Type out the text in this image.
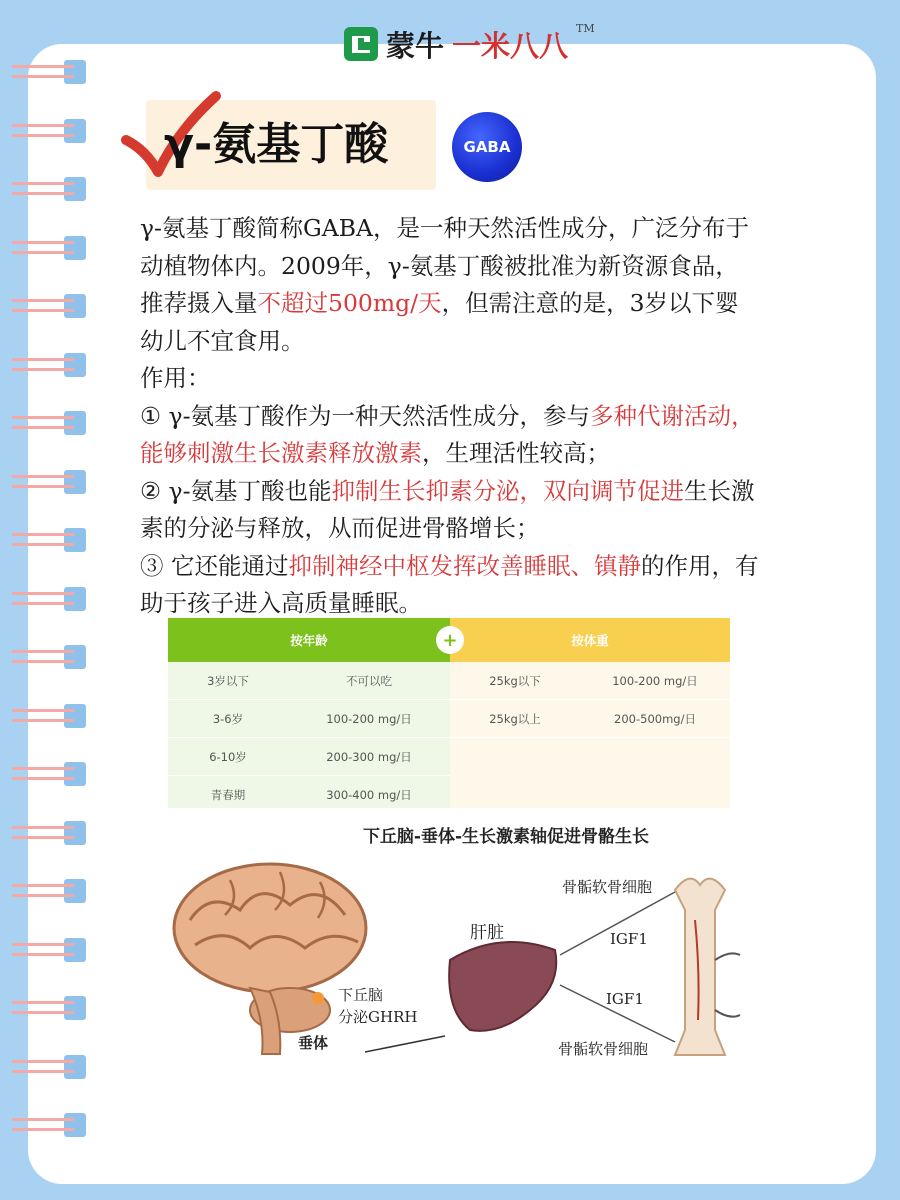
蒙牛 一米八八 TM
γ-氨基丁酸	GABA

γ-氨基丁酸简称GABA，是一种天然活性成分，广泛分布于动植物体内。2009年，γ-氨基丁酸被批准为新资源食品，推荐摄入量不超过500mg/天，但需注意的是，3岁以下婴幼儿不宜食用。

作用：

① γ-氨基丁酸作为一种天然活性成分，参与多种代谢活动，能够刺激生长激素释放激素，生理活性较高；

② γ-氨基丁酸也能抑制生长抑素分泌，双向调节促进生长激素的分泌与释放，从而促进骨骼增长；

③ 它还能通过抑制神经中枢发挥改善睡眠、镇静的作用，有助于孩子进入高质量睡眠。

按年龄	按体重
+
3岁以下	不可以吃
3-6岁	100-200 mg/日
6-10岁	200-300 mg/日
青春期	300-400 mg/日
25kg以下	100-200 mg/日
25kg以上	200-500mg/日
下丘脑-垂体-生长激素轴促进骨骼生长
肝脏
下丘脑
分泌GHRH
垂体
IGF1
IGF1
骨骺软骨细胞
骨骺软骨细胞
